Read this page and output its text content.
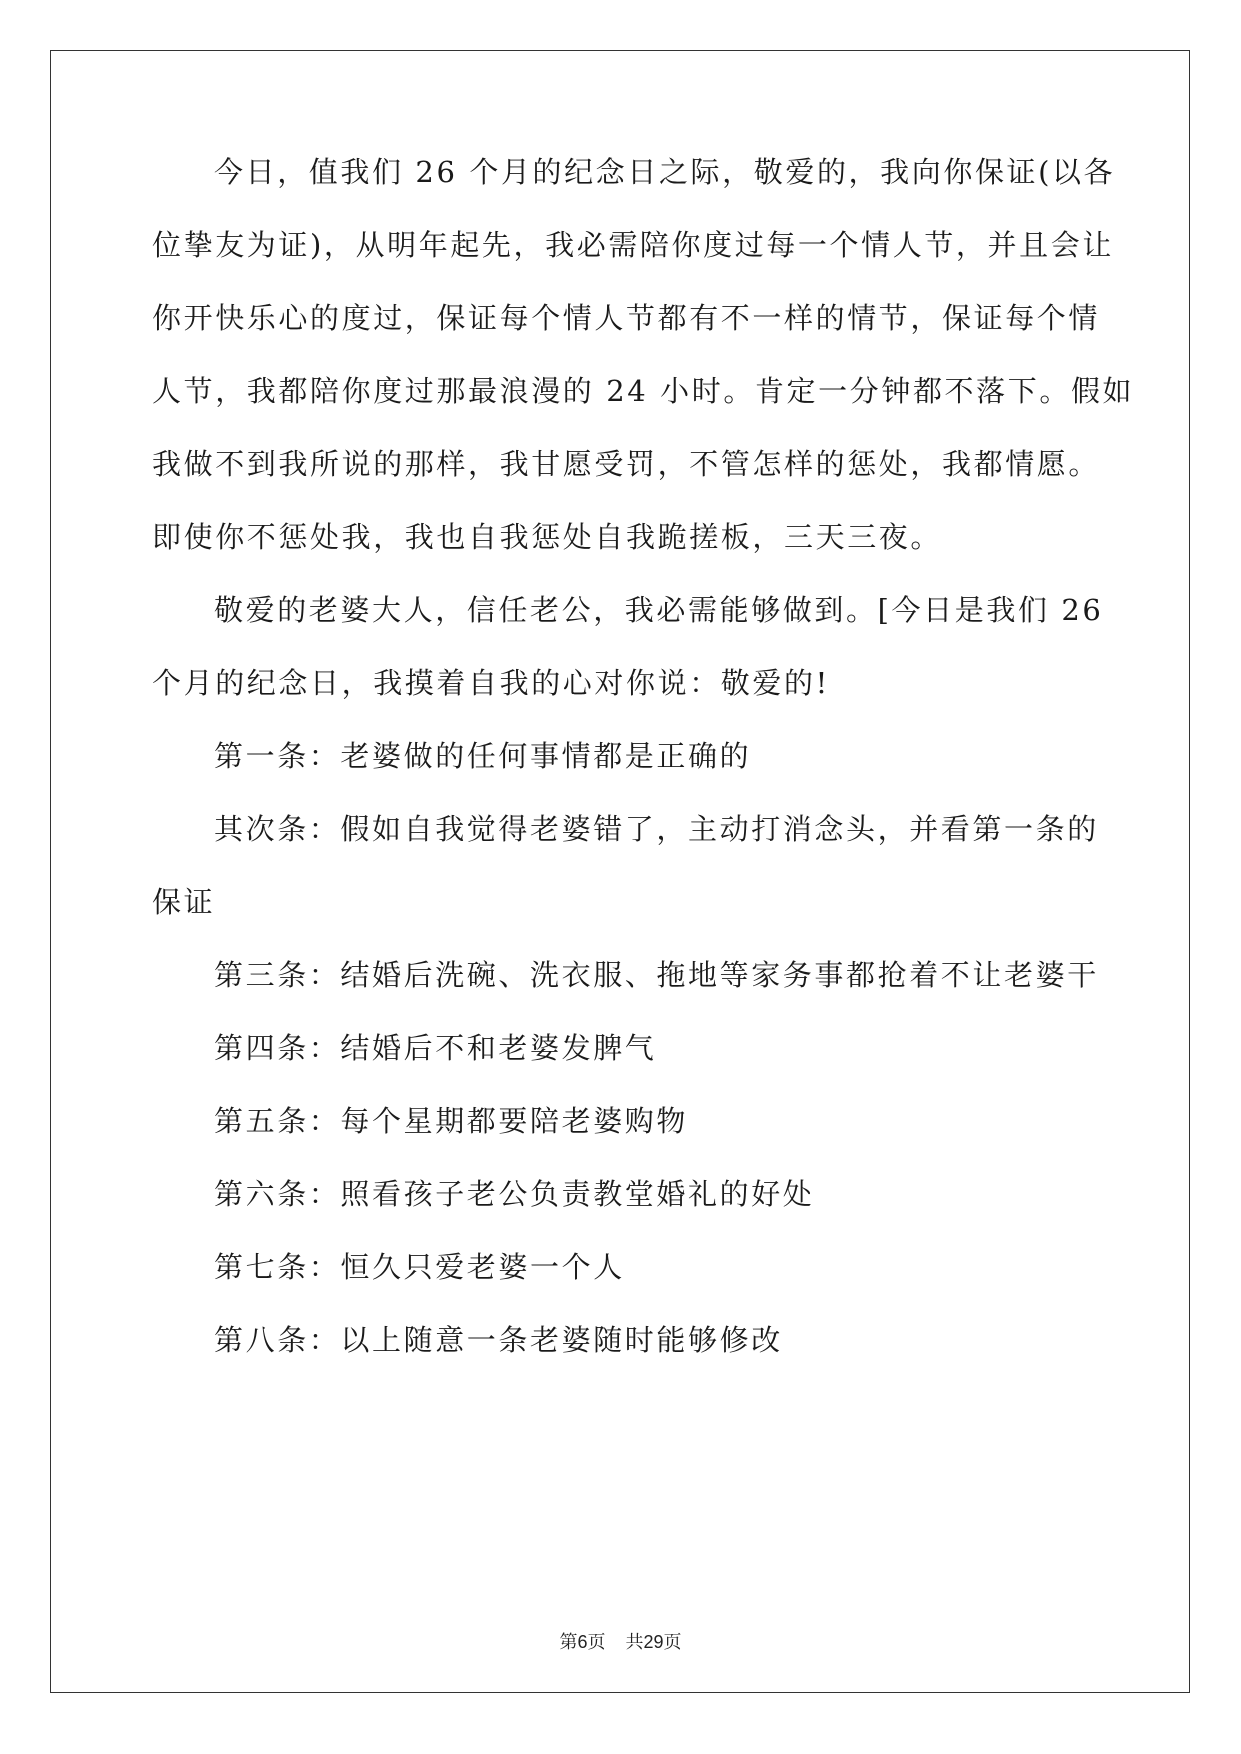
今日，值我们 26 个月的纪念日之际，敬爱的，我向你保证(以各
位挚友为证)，从明年起先，我必需陪你度过每一个情人节，并且会让
你开快乐心的度过，保证每个情人节都有不一样的情节，保证每个情
人节，我都陪你度过那最浪漫的 24 小时。肯定一分钟都不落下。假如
我做不到我所说的那样，我甘愿受罚，不管怎样的惩处，我都情愿。
即使你不惩处我，我也自我惩处自我跪搓板，三天三夜。
敬爱的老婆大人，信任老公，我必需能够做到。[今日是我们 26
个月的纪念日，我摸着自我的心对你说：敬爱的!
第一条：老婆做的任何事情都是正确的
其次条：假如自我觉得老婆错了，主动打消念头，并看第一条的
保证
第三条：结婚后洗碗、洗衣服、拖地等家务事都抢着不让老婆干
第四条：结婚后不和老婆发脾气
第五条：每个星期都要陪老婆购物
第六条：照看孩子老公负责教堂婚礼的好处
第七条：恒久只爱老婆一个人
第八条：以上随意一条老婆随时能够修改
第6页 共29页
